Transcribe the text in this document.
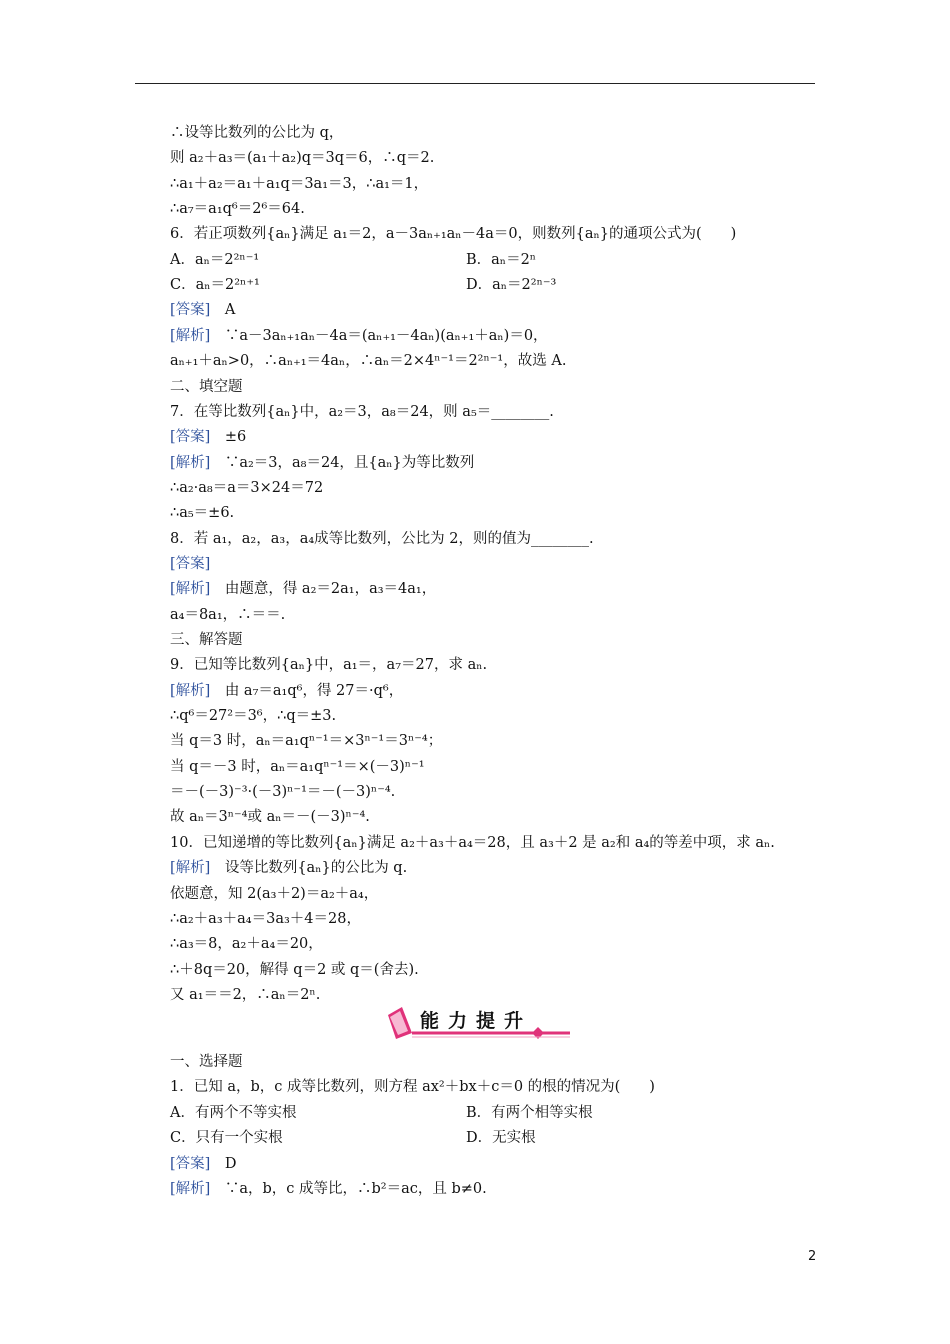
∴设等比数列的公比为 q，
则 a₂＋a₃＝(a₁＋a₂)q＝3q＝6，∴q＝2.
∴a₁＋a₂＝a₁＋a₁q＝3a₁＝3，∴a₁＝1，
∴a₇＝a₁q⁶＝2⁶＝64.
6．若正项数列{aₙ}满足 a₁＝2，a－3aₙ₊₁aₙ－4a＝0，则数列{aₙ}的通项公式为(　　)
A．aₙ＝2²ⁿ⁻¹	B．aₙ＝2ⁿ
C．aₙ＝2²ⁿ⁺¹	D．aₙ＝2²ⁿ⁻³
[答案]　A
[解析]　∵a－3aₙ₊₁aₙ－4a＝(aₙ₊₁－4aₙ)(aₙ₊₁＋aₙ)＝0，
aₙ₊₁＋aₙ>0，∴aₙ₊₁＝4aₙ，∴aₙ＝2×4ⁿ⁻¹＝2²ⁿ⁻¹，故选 A.
二、填空题
7．在等比数列{aₙ}中，a₂＝3，a₈＝24，则 a₅＝________.
[答案]　±6
[解析]　∵a₂＝3，a₈＝24，且{aₙ}为等比数列
∴a₂·a₈＝a＝3×24＝72
∴a₅＝±6.
8．若 a₁，a₂，a₃，a₄成等比数列，公比为 2，则的值为________.
[答案]
[解析]　由题意，得 a₂＝2a₁，a₃＝4a₁，
a₄＝8a₁，∴＝＝.
三、解答题
9．已知等比数列{aₙ}中，a₁＝，a₇＝27，求 aₙ.
[解析]　由 a₇＝a₁q⁶，得 27＝·q⁶，
∴q⁶＝27²＝3⁶，∴q＝±3.
当 q＝3 时，aₙ＝a₁qⁿ⁻¹＝×3ⁿ⁻¹＝3ⁿ⁻⁴；
当 q＝－3 时，aₙ＝a₁qⁿ⁻¹＝×(－3)ⁿ⁻¹
＝－(－3)⁻³·(－3)ⁿ⁻¹＝－(－3)ⁿ⁻⁴.
故 aₙ＝3ⁿ⁻⁴或 aₙ＝－(－3)ⁿ⁻⁴.
10．已知递增的等比数列{aₙ}满足 a₂＋a₃＋a₄＝28，且 a₃＋2 是 a₂和 a₄的等差中项，求 aₙ.
[解析]　设等比数列{aₙ}的公比为 q.
依题意，知 2(a₃＋2)＝a₂＋a₄，
∴a₂＋a₃＋a₄＝3a₃＋4＝28，
∴a₃＝8，a₂＋a₄＝20，
∴＋8q＝20，解得 q＝2 或 q＝(舍去).
又 a₁＝＝2，∴aₙ＝2ⁿ.
一、选择题
1．已知 a，b，c 成等比数列，则方程 ax²＋bx＋c＝0 的根的情况为(　　)
A．有两个不等实根	B．有两个相等实根
C．只有一个实根	D．无实根
[答案]　D
[解析]　∵a，b，c 成等比，∴b²＝ac，且 b≠0.
能力提升
2
